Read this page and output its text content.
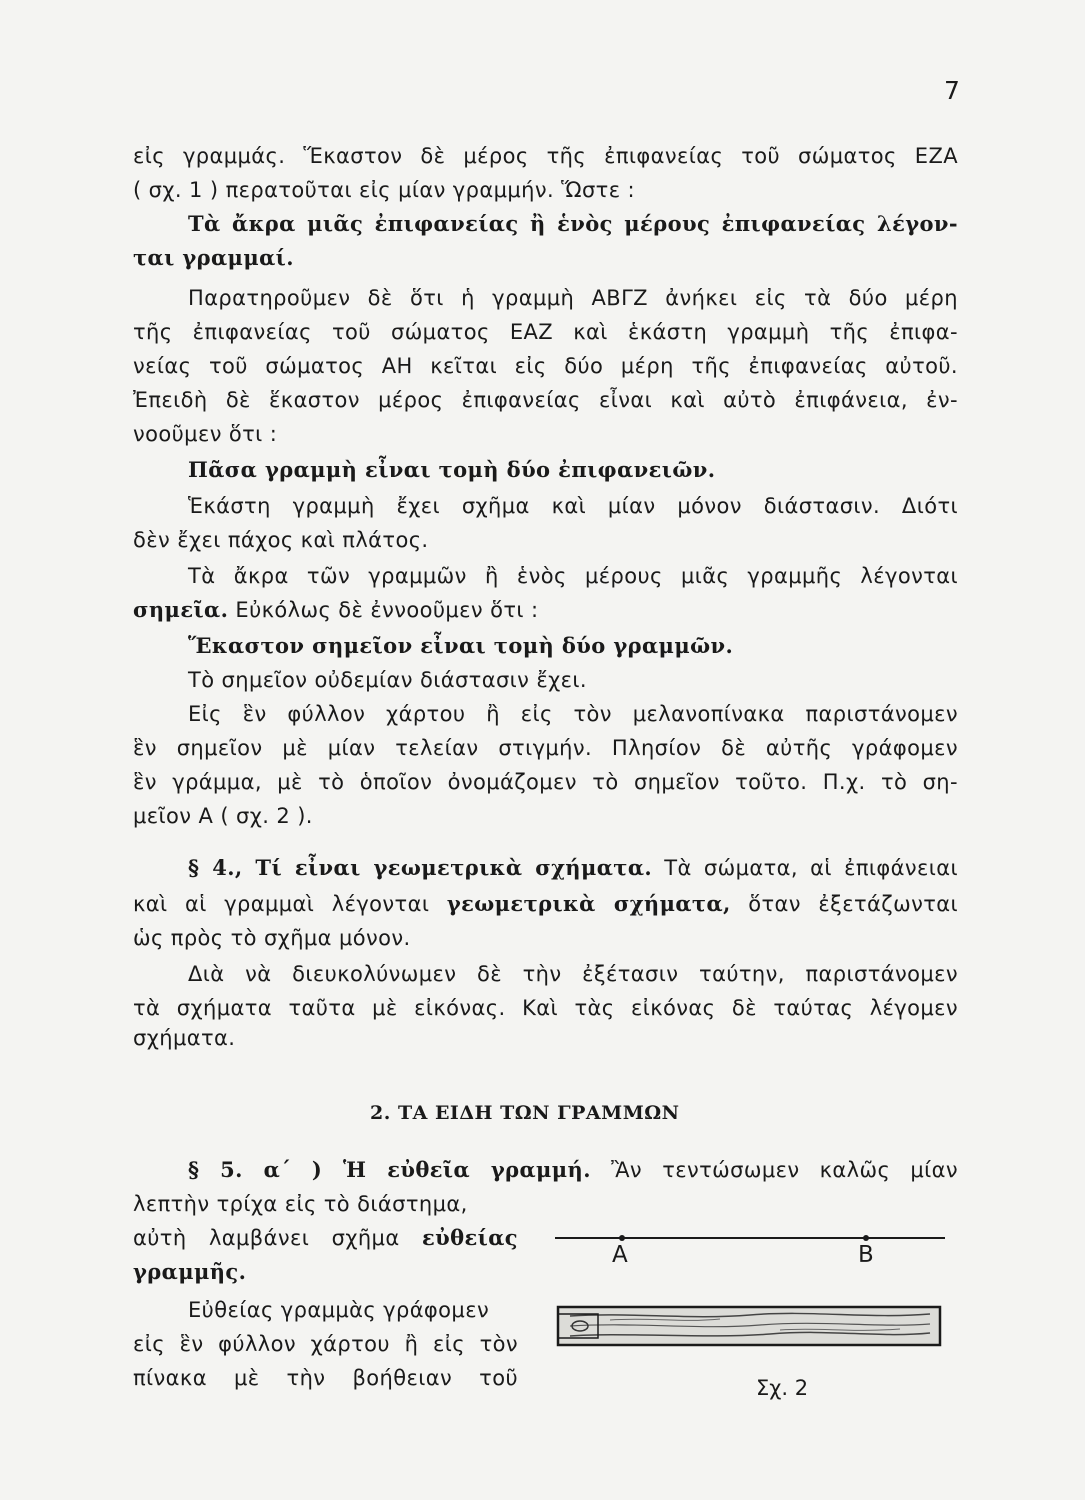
7
εἰς γραμμάς. Ἕκαστον δὲ μέρος τῆς ἐπιφανείας τοῦ σώματος ΕΖΑ
( σχ. 1 ) περατοῦται εἰς μίαν γραμμήν. Ὥστε :
Τὰ ἄκρα μιᾶς ἐπιφανείας ἢ ἑνὸς μέρους ἐπιφανείας λέγον-
ται γραμμαί.
Παρατηροῦμεν δὲ ὅτι ἡ γραμμὴ ΑΒΓΖ ἀνήκει εἰς τὰ δύο μέρη
τῆς ἐπιφανείας τοῦ σώματος ΕΑΖ καὶ ἑκάστη γραμμὴ τῆς ἐπιφα-
νείας τοῦ σώματος ΑΗ κεῖται εἰς δύο μέρη τῆς ἐπιφανείας αὐτοῦ.
Ἐπειδὴ δὲ ἕκαστον μέρος ἐπιφανείας εἶναι καὶ αὐτὸ ἐπιφάνεια, ἐν-
νοοῦμεν ὅτι :
Πᾶσα γραμμὴ εἶναι τομὴ δύο ἐπιφανειῶν.
Ἑκάστη γραμμὴ ἔχει σχῆμα καὶ μίαν μόνον διάστασιν. Διότι
δὲν ἔχει πάχος καὶ πλάτος.
Τὰ ἄκρα τῶν γραμμῶν ἢ ἑνὸς μέρους μιᾶς γραμμῆς λέγονται
σημεῖα. Εὐκόλως δὲ ἐννοοῦμεν ὅτι :
Ἕκαστον σημεῖον εἶναι τομὴ δύο γραμμῶν.
Τὸ σημεῖον οὐδεμίαν διάστασιν ἔχει.
Εἰς ἓν φύλλον χάρτου ἢ εἰς τὸν μελανοπίνακα παριστάνομεν
ἓν σημεῖον μὲ μίαν τελείαν στιγμήν. Πλησίον δὲ αὐτῆς γράφομεν
ἓν γράμμα, μὲ τὸ ὁποῖον ὀνομάζομεν τὸ σημεῖον τοῦτο. Π.χ. τὸ ση-
μεῖον Α ( σχ. 2 ).
§ 4., Τί εἶναι γεωμετρικὰ σχήματα. Τὰ σώματα, αἱ ἐπιφάνειαι
καὶ αἱ γραμμαὶ λέγονται γεωμετρικὰ σχήματα, ὅταν ἐξετάζωνται
ὡς πρὸς τὸ σχῆμα μόνον.
Διὰ νὰ διευκολύνωμεν δὲ τὴν ἐξέτασιν ταύτην, παριστάνομεν
τὰ σχήματα ταῦτα μὲ εἰκόνας. Καὶ τὰς εἰκόνας δὲ ταύτας λέγομεν
σχήματα.
§ 5. α΄ ) Ἡ εὐθεῖα γραμμή. Ἂν τεντώσωμεν καλῶς μίαν
λεπτὴν τρίχα εἰς τὸ διάστημα,
αὐτὴ λαμβάνει σχῆμα εὐθείας
γραμμῆς.
Εὐθείας γραμμὰς γράφομεν
εἰς ἓν φύλλον χάρτου ἢ εἰς τὸν
πίνακα μὲ τὴν βοήθειαν τοῦ
2. ΤΑ ΕΙΔΗ ΤΩΝ ΓΡΑΜΜΩΝ
Α	Β
Σχ. 2
